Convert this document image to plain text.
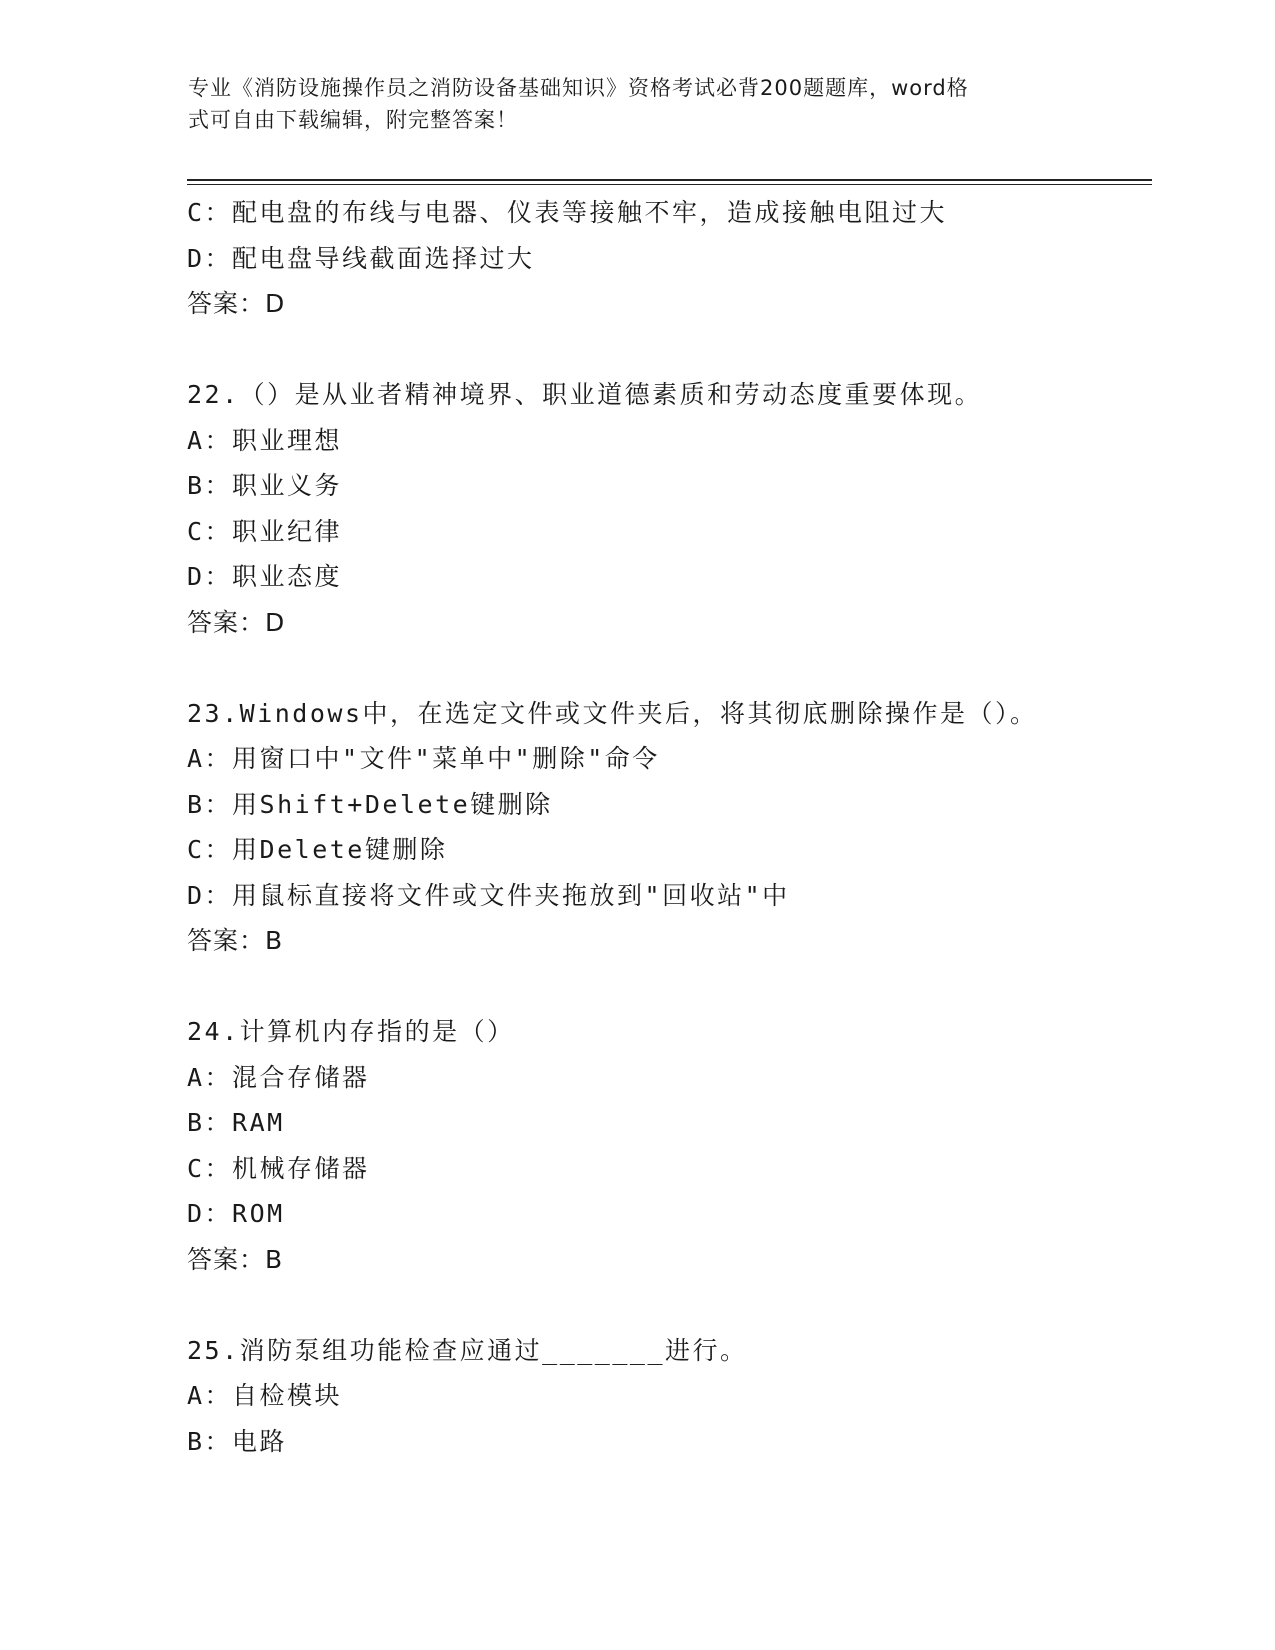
专业《消防设施操作员之消防设备基础知识》资格考试必背200题题库，word格
式可自由下载编辑，附完整答案！
C：配电盘的布线与电器、仪表等接触不牢，造成接触电阻过大
D：配电盘导线截面选择过大
答案：D
22.（）是从业者精神境界、职业道德素质和劳动态度重要体现。
A：职业理想
B：职业义务
C：职业纪律
D：职业态度
答案：D
23.Windows中，在选定文件或文件夹后，将其彻底删除操作是（）。
A：用窗口中"文件"菜单中"删除"命令
B：用Shift+Delete键删除
C：用Delete键删除
D：用鼠标直接将文件或文件夹拖放到"回收站"中
答案：B
24.计算机内存指的是（）
A：混合存储器
B：RAM
C：机械存储器
D：ROM
答案：B
25.消防泵组功能检查应通过_______进行。
A：自检模块
B：电路
